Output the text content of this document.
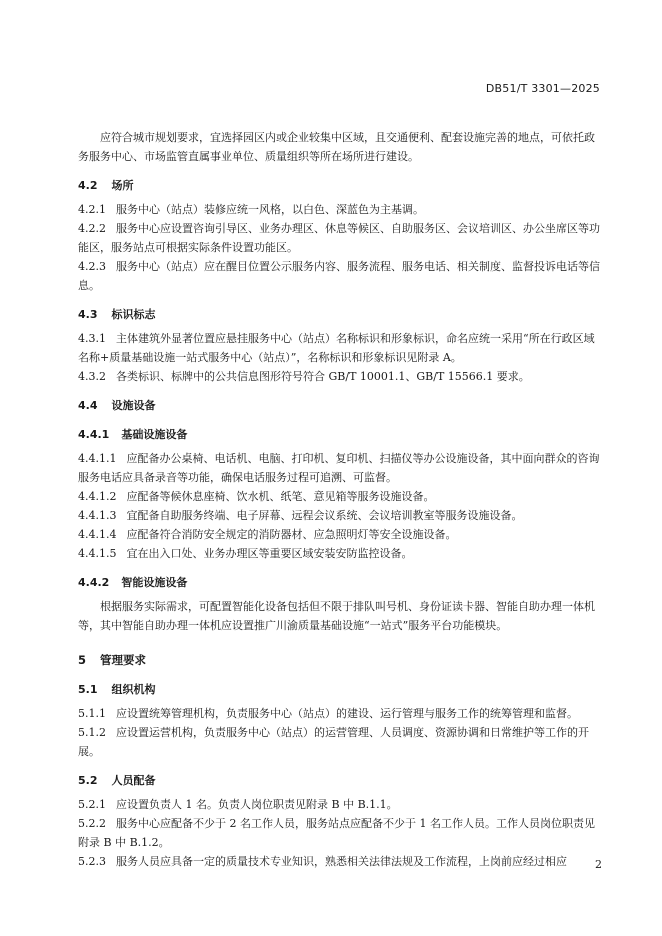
DB51/T 3301—2025
应符合城市规划要求，宜选择园区内或企业较集中区域，且交通便利、配套设施完善的地点，可依托政务服务中心、市场监管直属事业单位、质量组织等所在场所进行建设。
4.2 场所
4.2.1 服务中心（站点）装修应统一风格，以白色、深蓝色为主基调。
4.2.2 服务中心应设置咨询引导区、业务办理区、休息等候区、自助服务区、会议培训区、办公坐席区等功能区，服务站点可根据实际条件设置功能区。
4.2.3 服务中心（站点）应在醒目位置公示服务内容、服务流程、服务电话、相关制度、监督投诉电话等信息。
4.3 标识标志
4.3.1 主体建筑外显著位置应悬挂服务中心（站点）名称标识和形象标识，命名应统一采用“所在行政区域名称+质量基础设施一站式服务中心（站点）”，名称标识和形象标识见附录 A。
4.3.2 各类标识、标牌中的公共信息图形符号符合 GB/T 10001.1、GB/T 15566.1 要求。
4.4 设施设备
4.4.1 基础设施设备
4.4.1.1 应配备办公桌椅、电话机、电脑、打印机、复印机、扫描仪等办公设施设备，其中面向群众的咨询服务电话应具备录音等功能，确保电话服务过程可追溯、可监督。
4.4.1.2 应配备等候休息座椅、饮水机、纸笔、意见箱等服务设施设备。
4.4.1.3 宜配备自助服务终端、电子屏幕、远程会议系统、会议培训教室等服务设施设备。
4.4.1.4 应配备符合消防安全规定的消防器材、应急照明灯等安全设施设备。
4.4.1.5 宜在出入口处、业务办理区等重要区域安装安防监控设备。
4.4.2 智能设施设备
根据服务实际需求，可配置智能化设备包括但不限于排队叫号机、身份证读卡器、智能自助办理一体机等，其中智能自助办理一体机应设置推广川渝质量基础设施“一站式”服务平台功能模块。
5 管理要求
5.1 组织机构
5.1.1 应设置统筹管理机构，负责服务中心（站点）的建设、运行管理与服务工作的统筹管理和监督。
5.1.2 应设置运营机构，负责服务中心（站点）的运营管理、人员调度、资源协调和日常维护等工作的开展。
5.2 人员配备
5.2.1 应设置负责人 1 名。负责人岗位职责见附录 B 中 B.1.1。
5.2.2 服务中心应配备不少于 2 名工作人员，服务站点应配备不少于 1 名工作人员。工作人员岗位职责见附录 B 中 B.1.2。
5.2.3 服务人员应具备一定的质量技术专业知识，熟悉相关法律法规及工作流程，上岗前应经过相应	2
